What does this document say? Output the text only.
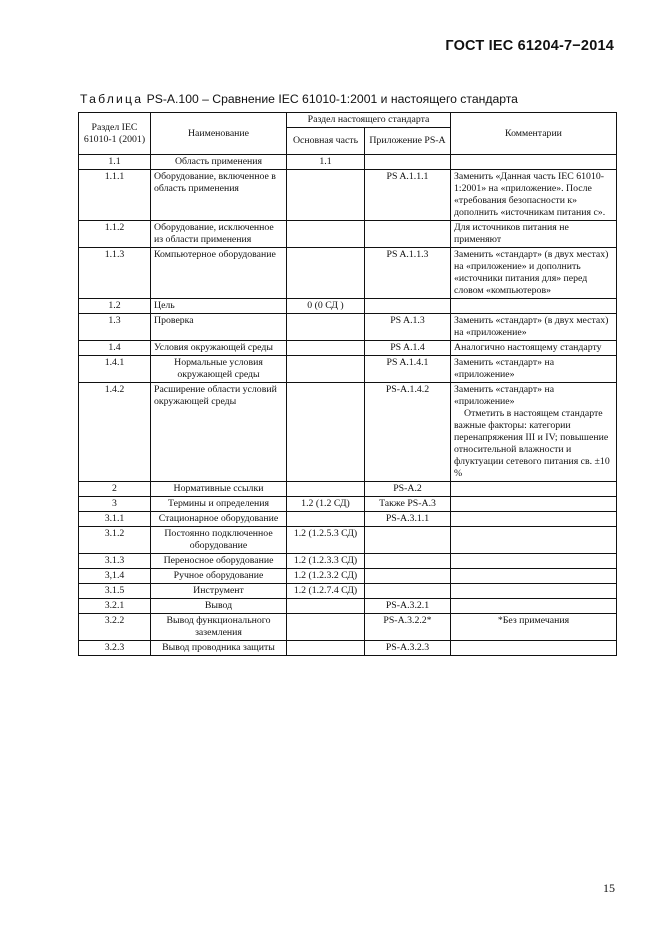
ГОСТ IEC 61204-7−2014
Таблица PS-A.100 – Сравнение IEC 61010-1:2001 и настоящего стандарта
Раздел IEC 61010-1 (2001)	Наименование	Раздел настоящего стандарта		Комментарии
		Основная часть	Приложение PS-A	
1.1	Область применения	1.1		
1.1.1	Оборудование, включенное в область применения		PS A.1.1.1	Заменить «Данная часть IEC 61010-1:2001» на «приложение». После «требования безопасности к» дополнить «источникам питания с».
1.1.2	Оборудование, исключенное из области применения			Для источников питания не применяют
1.1.3	Компьютерное оборудование		PS A.1.1.3	Заменить «стандарт» (в двух местах) на «приложение» и дополнить «источники питания для» перед словом «компьютеров»
1.2	Цель	0 (0 СД )		
1.3	Проверка		PS A.1.3	Заменить «стандарт» (в двух местах) на «приложение»
1.4	Условия окружающей среды		PS A.1.4	Аналогично настоящему стандарту
1.4.1	Нормальные условия окружающей среды		PS A.1.4.1	Заменить «стандарт» на «приложение»
1.4.2	Расширение области условий окружающей среды		PS-A.1.4.2	Заменить «стандарт» на «приложение»
Отметить в настоящем стандарте важные факторы: категории перенапряжения III и IV; повышение относительной влажности и флуктуации сетевого питания св. ±10 %

2	Нормативные ссылки		PS-A.2	
3	Термины и определения	1.2 (1.2 СД)	Также PS-A.3	
3.1.1	Стационарное оборудование		PS-A.3.1.1	
3.1.2	Постоянно подключенное оборудование	1.2 (1.2.5.3 СД)		
3.1.3	Переносное оборудование	1.2 (1.2.3.3 СД)		
3,1.4	Ручное оборудование	1.2 (1.2.3.2 СД)		
3.1.5	Инструмент	1.2 (1.2.7.4 СД)		
3.2.1	Вывод		PS-A.3.2.1	
3.2.2	Вывод функционального заземления		PS-A.3.2.2*	*Без примечания
3.2.3	Вывод проводника защиты		PS-A.3.2.3	
15
